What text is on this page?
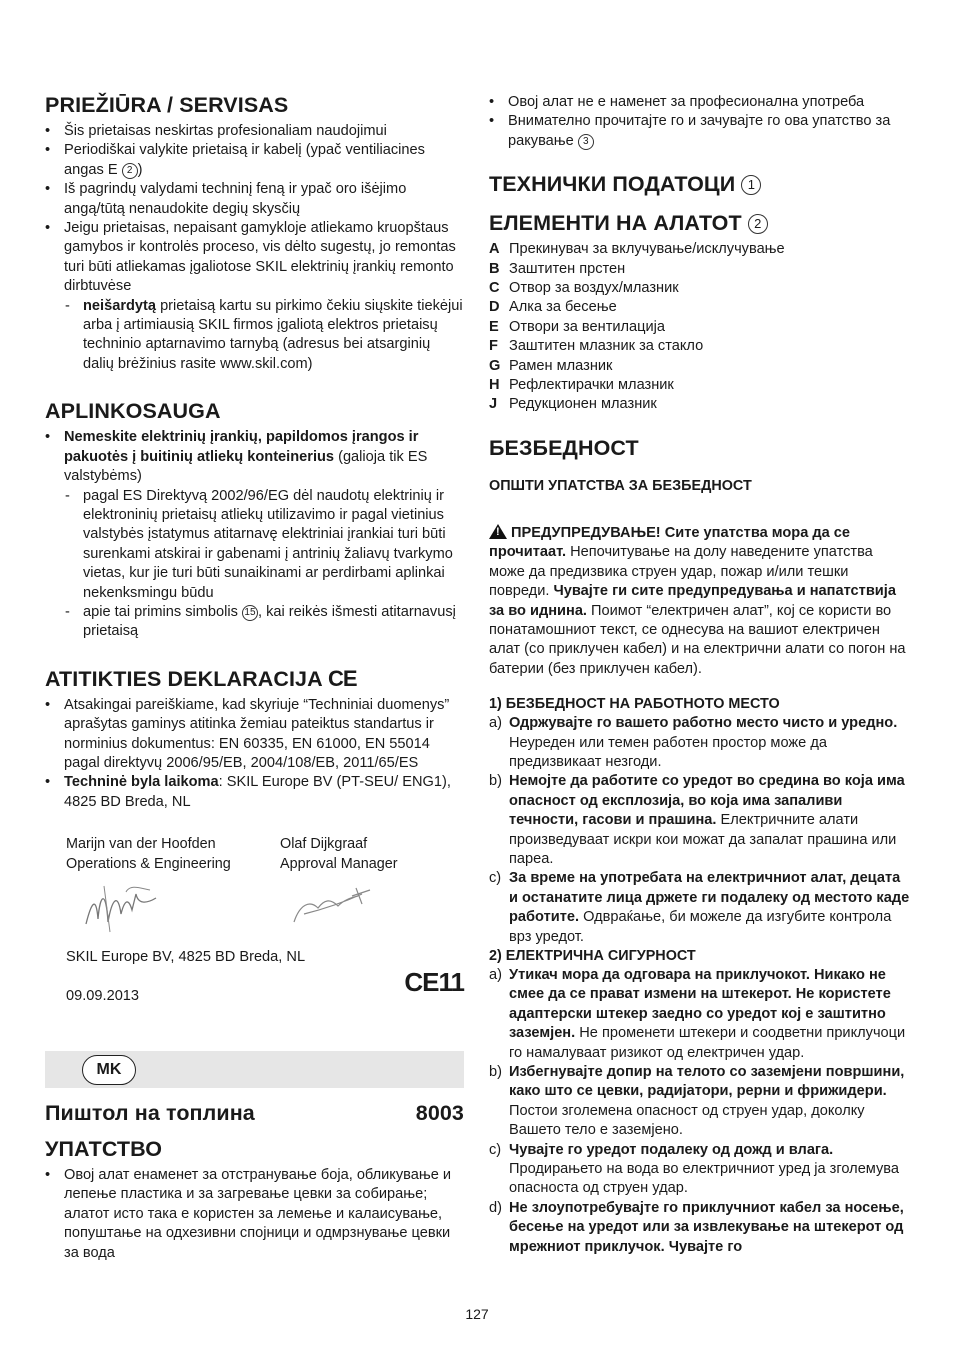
PRIEŽIŪRA / SERVISAS
• Šis prietaisas neskirtas profesionaliam naudojimui
• Periodiškai valykite prietaisą ir kabelį (ypač ventiliacines angas E 2 )
• Iš pagrindų valydami techninį feną ir ypač oro išėjimo angą/tūtą nenaudokite degių skysčių
• Jeigu prietaisas, nepaisant gamykloje atliekamo kruopštaus gamybos ir kontrolės proceso, vis dėlto sugestų, jo remontas turi būti atliekamas įgaliotose SKIL elektrinių įrankių remonto dirbtuvėse
- neišardytą prietaisą kartu su pirkimo čekiu siųskite tiekėjui arba į artimiausią SKIL firmos įgaliotą elektros prietaisų techninio aptarnavimo tarnybą (adresus bei atsarginių dalių brėžinius rasite www.skil.com)
APLINKOSAUGA
• Nemeskite elektrinių įrankių, papildomos įrangos ir pakuotės į buitinių atliekų konteinerius (galioja tik ES valstybėms)
- pagal ES Direktyvą 2002/96/EG dėl naudotų elektrinių ir elektroninių prietaisų atliekų utilizavimo ir pagal vietinius valstybės įstatymus atitarnavę elektriniai įrankiai turi būti surenkami atskirai ir gabenami į antrinių žaliavų tvarkymo vietas, kur jie turi būti sunaikinami ar perdirbami aplinkai nekenksmingu būdu
- apie tai primins simbolis 15 , kai reikės išmesti atitarnavusį prietaisą
ATITIKTIES DEKLARACIJA CE
• Atsakingai pareiškiame, kad skyriuje “Techniniai duomenys” aprašytas gaminys atitinka žemiau pateiktus standartus ir norminius dokumentus: EN 60335, EN 61000, EN 55014 pagal direktyvų 2006/95/EB, 2004/108/EB, 2011/65/ES
• Techninė byla laikoma: SKIL Europe BV (PT-SEU/ ENG1), 4825 BD Breda, NL
Marijn van der Hoofden
Operations & Engineering
Olaf Dijkgraaf
Approval Manager
SKIL Europe BV, 4825 BD Breda, NL
09.09.2013	CE11
MK
Пиштол на топлина	8003
УПАТСТВО
• Овој алат енаменет за отстранување боја, обликување и лепење пластика и за загревање цевки за собирање; алатот исто така е користен за лемење и калаисување, попуштање на одхезивни спојници и одмрзнување цевки за вода
• Овој алат не е наменет за професионална употреба
• Внимателно прочитајте го и зачувајте го ова упатство за ракување 3
ТЕХНИЧКИ ПОДАТОЦИ 1
ЕЛЕМЕНТИ НА АЛАТОТ 2
A Прекинувач за вклучување/исклучување
B Заштитен прстен
C Отвор за воздух/млазник
D Алка за бесење
E Отвори за вентилација
F Заштитен млазник за стакло
G Рамен млазник
H Рефлектирачки млазник
J Редукционен млазник
БЕЗБЕДНОСТ
ОПШТИ УПАТСТВА ЗА БЕЗБЕДНОСТ

!ПРЕДУПРЕДУВАЊЕ! Сите упатства мора да се прочитаат. Непочитување на долу наведените упатства може да предизвика струен удар, пожар и/или тешки повреди. Чувајте ги сите предупредувања и напатствија за во иднина. Поимот “електричен алат”, кој се користи во понатамошниот текст, се однесува на вашиот електричен алат (со приклучен кабел) и на електрични алати со погон на батерии (без приклучен кабел).

1) БЕЗБЕДНОСТ НА РАБОТНОТО МЕСТО
a) Одржувајте го вашето работно место чисто и уредно. Неуреден или темен работен простор може да предизвикаат незгоди.
b) Немојте да работите со уредот во средина во која има опасност од експлозија, во која има запаливи течности, гасови и прашина. Електричните алати произведуваат искри кои можат да запалат прашина или пареа.
c) За време на употребата на електричниот алат, децата и останатите лица држете ги подалеку од местото каде работите. Одвраќање, би можеле да изгубите контрола врз уредот.
2) ЕЛЕКТРИЧНА СИГУРНОСТ
a) Утикач мора да одговара на приклучокот. Никако не смее да се прават измени на штекерот. Не користете адаптерски штекер заедно со уредот кој е заштитно заземјен. Не променети штекери и соодветни приклучоци го намалуваат ризикот од електричен удар.
b) Избегнувајте допир на телото со заземјени површини, како што се цевки, радијатори, рерни и фрижидери. Постои зголемена опасност од струен удар, доколку Вашето тело е заземјено.
c) Чувајте го уредот подалеку од дожд и влага. Продирањето на вода во електричниот уред ја зголемува опасноста од струен удар.
d) Не злоупотребувајте го приклучниот кабел за носење, бесење на уредот или за извлекување на штекерот од мрежниот приклучок. Чувајте го
127
